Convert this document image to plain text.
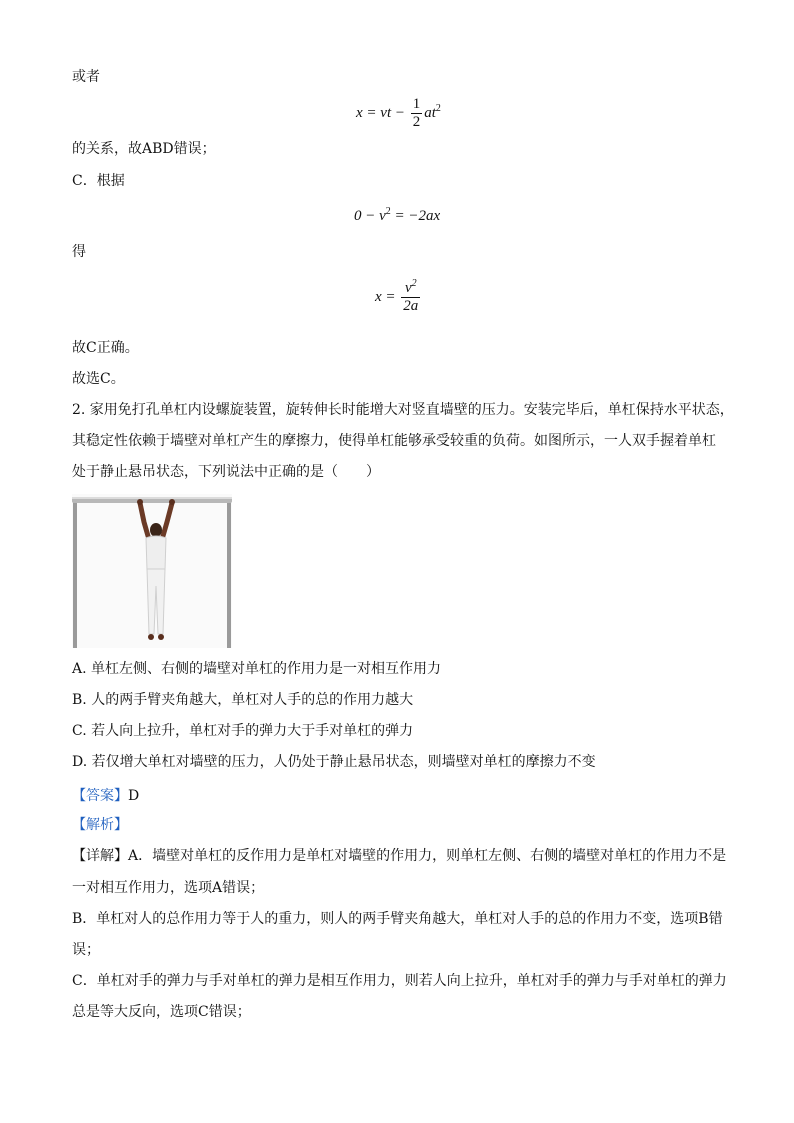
或者
x = vt − $\frac{1}{2} at^2$
的关系，故ABD错误；
C．根据
$0 - v^2 = -2ax$
得
$x = \frac{v^2}{2a}$
故C正确。
故选C。
2. 家用免打孔单杠内设螺旋装置，旋转伸长时能增大对竖直墙壁的压力。安装完毕后，单杠保持水平状态，
其稳定性依赖于墙壁对单杠产生的摩擦力，使得单杠能够承受较重的负荷。如图所示，一人双手握着单杠
处于静止悬吊状态，下列说法中正确的是（　　）
A. 单杠左侧、右侧的墙壁对单杠的作用力是一对相互作用力
B. 人的两手臂夹角越大，单杠对人手的总的作用力越大
C. 若人向上拉升，单杠对手的弹力大于手对单杠的弹力
D. 若仅增大单杠对墙壁的压力，人仍处于静止悬吊状态，则墙壁对单杠的摩擦力不变
【答案】D
【解析】
【详解】A．墙壁对单杠的反作用力是单杠对墙壁的作用力，则单杠左侧、右侧的墙壁对单杠的作用力不是
一对相互作用力，选项A错误；
B．单杠对人的总作用力等于人的重力，则人的两手臂夹角越大，单杠对人手的总的作用力不变，选项B错
误；
C．单杠对手的弹力与手对单杠的弹力是相互作用力，则若人向上拉升，单杠对手的弹力与手对单杠的弹力
总是等大反向，选项C错误；
